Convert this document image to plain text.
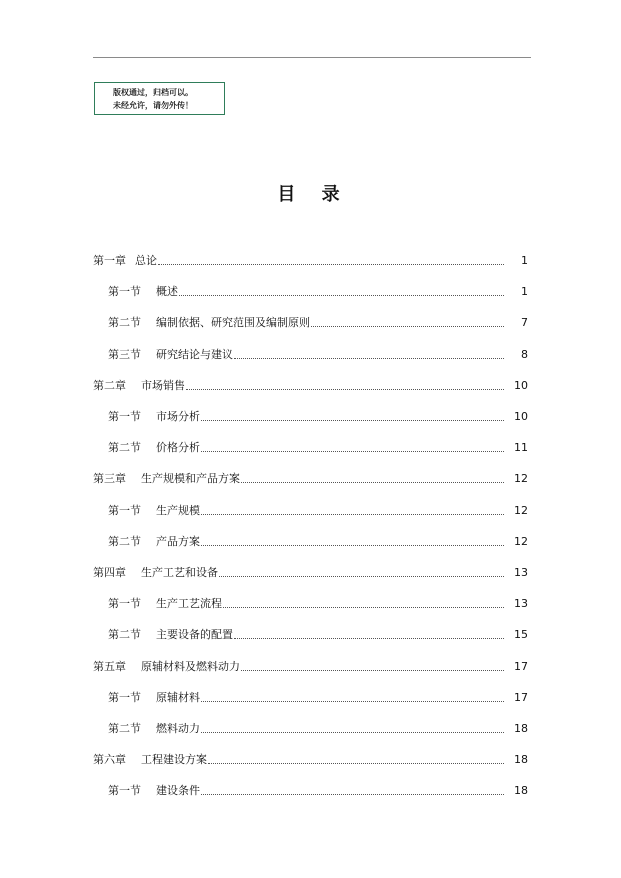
版权通过，归档可以。
未经允许，请勿外传！
目 录
第一章 总论	1
第一节 概述	1
第二节 编制依据、研究范围及编制原则	7
第三节 研究结论与建议	8
第二章 市场销售	10
第一节 市场分析	10
第二节 价格分析	11
第三章 生产规模和产品方案	12
第一节 生产规模	12
第二节 产品方案	12
第四章 生产工艺和设备	13
第一节 生产工艺流程	13
第二节 主要设备的配置	15
第五章 原辅材料及燃料动力	17
第一节 原辅材料	17
第二节 燃料动力	18
第六章 工程建设方案	18
第一节 建设条件	18
